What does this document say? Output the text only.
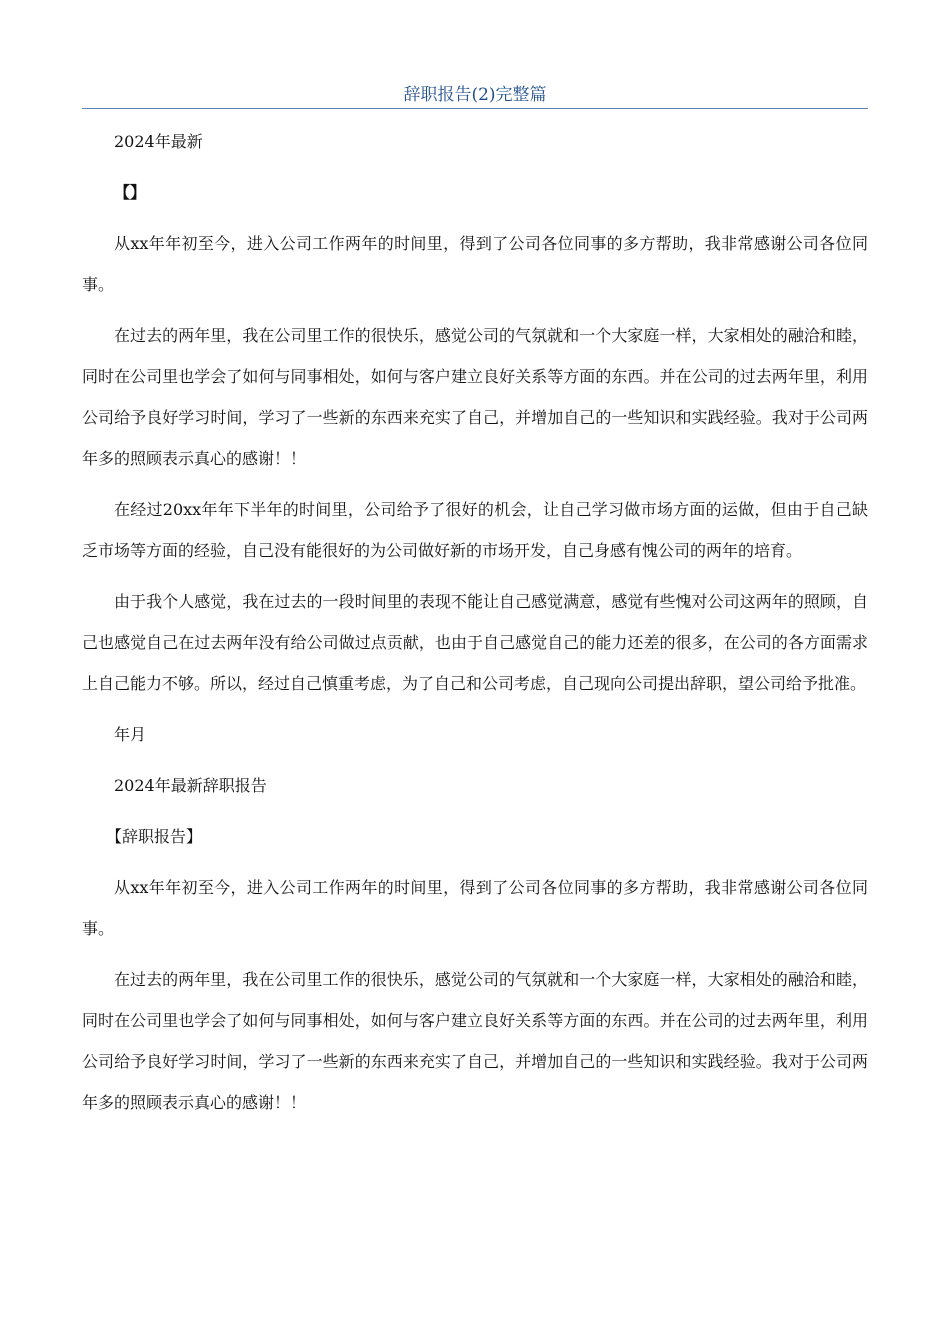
辞职报告(2)完整篇

2024年最新

【】

从xx年年初至今，进入公司工作两年的时间里，得到了公司各位同事的多方帮助，我非常感谢公司各位同事。

在过去的两年里，我在公司里工作的很快乐，感觉公司的气氛就和一个大家庭一样，大家相处的融洽和睦，同时在公司里也学会了如何与同事相处，如何与客户建立良好关系等方面的东西。并在公司的过去两年里，利用公司给予良好学习时间，学习了一些新的东西来充实了自己，并增加自己的一些知识和实践经验。我对于公司两年多的照顾表示真心的感谢！！

在经过20xx年年下半年的时间里，公司给予了很好的机会，让自己学习做市场方面的运做，但由于自己缺乏市场等方面的经验，自己没有能很好的为公司做好新的市场开发，自己身感有愧公司的两年的培育。

由于我个人感觉，我在过去的一段时间里的表现不能让自己感觉满意，感觉有些愧对公司这两年的照顾，自己也感觉自己在过去两年没有给公司做过点贡献，也由于自己感觉自己的能力还差的很多，在公司的各方面需求上自己能力不够。所以，经过自己慎重考虑，为了自己和公司考虑，自己现向公司提出辞职，望公司给予批准。

年月

2024年最新辞职报告

【辞职报告】

从xx年年初至今，进入公司工作两年的时间里，得到了公司各位同事的多方帮助，我非常感谢公司各位同事。

在过去的两年里，我在公司里工作的很快乐，感觉公司的气氛就和一个大家庭一样，大家相处的融洽和睦，同时在公司里也学会了如何与同事相处，如何与客户建立良好关系等方面的东西。并在公司的过去两年里，利用公司给予良好学习时间，学习了一些新的东西来充实了自己，并增加自己的一些知识和实践经验。我对于公司两年多的照顾表示真心的感谢！！
